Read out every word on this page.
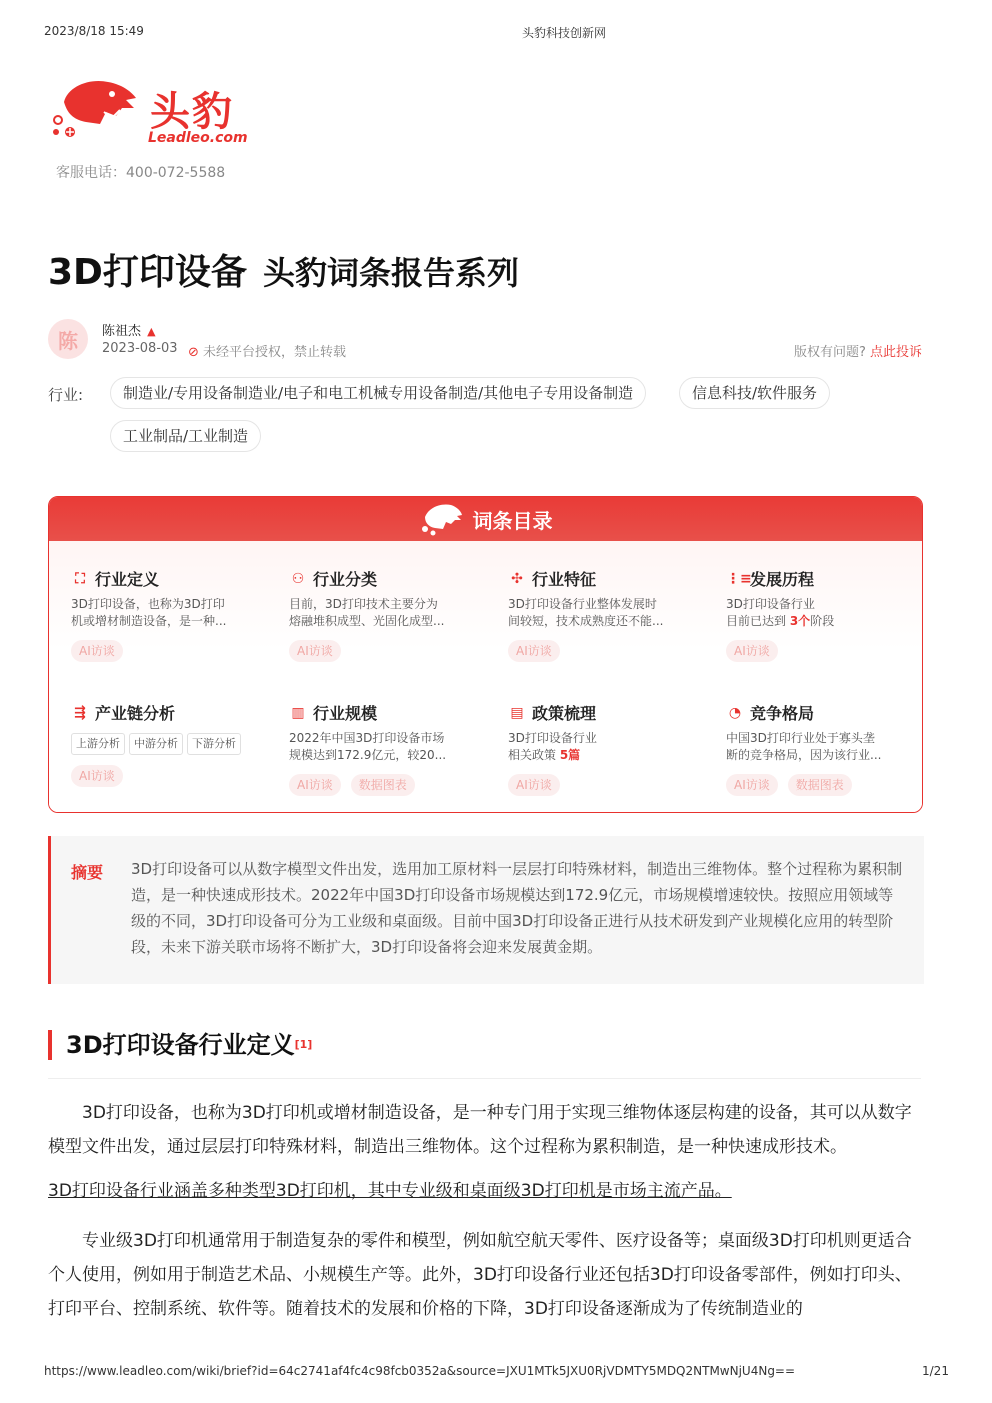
2023/8/18 15:49	头豹科技创新网
头豹
Leadleo.com
客服电话：400-072-5588
3D打印设备 头豹词条报告系列
陈	陈祖杰 ▲
2023-08-03 ⊘ 未经平台授权，禁止转载	版权有问题? 点此投诉
行业:	制造业/专用设备制造业/电子和电工机械专用设备制造/其他电子专用设备制造	信息科技/软件服务
工业制品/工业制造
词条目录
⛶ 行业定义
3D打印设备，也称为3D打印
机或增材制造设备，是一种...
AI访谈
⚇ 行业分类
目前，3D打印技术主要分为
熔融堆积成型、光固化成型...
AI访谈
✣ 行业特征
3D打印设备行业整体发展时
间较短，技术成熟度还不能...
AI访谈
⋮≡
发展历程
3D打印设备行业
目前已达到 3个阶段
AI访谈
⇶ 产业链分析
上游分析 中游分析 下游分析
AI访谈
▥ 行业规模
2022年中国3D打印设备市场
规模达到172.9亿元，较20...
AI访谈 数据图表
▤ 政策梳理
3D打印设备行业
相关政策 5篇
AI访谈
◔ 竞争格局
中国3D打印行业处于寡头垄
断的竞争格局，因为该行业...
AI访谈 数据图表
摘要 3D打印设备可以从数字模型文件出发，选用加工原材料一层层打印特殊材料，制造出三维物体。整个过程称为累积制造，是一种快速成形技术。2022年中国3D打印设备市场规模达到172.9亿元，市场规模增速较快。按照应用领域等级的不同，3D打印设备可分为工业级和桌面级。目前中国3D打印设备正进行从技术研发到产业规模化应用的转型阶段，未来下游关联市场将不断扩大，3D打印设备将会迎来发展黄金期。
3D打印设备行业定义[1]
3D打印设备，也称为3D打印机或增材制造设备，是一种专门用于实现三维物体逐层构建的设备，其可以从数字模型文件出发，通过层层打印特殊材料，制造出三维物体。这个过程称为累积制造，是一种快速成形技术。
3D打印设备行业涵盖多种类型3D打印机，其中专业级和桌面级3D打印机是市场主流产品。
专业级3D打印机通常用于制造复杂的零件和模型，例如航空航天零件、医疗设备等；桌面级3D打印机则更适合个人使用，例如用于制造艺术品、小规模生产等。此外，3D打印设备行业还包括3D打印设备零部件，例如打印头、打印平台、控制系统、软件等。随着技术的发展和价格的下降，3D打印设备逐渐成为了传统制造业的
https://www.leadleo.com/wiki/brief?id=64c2741af4fc4c98fcb0352a&source=JXU1MTk5JXU0RjVDMTY5MDQ2NTMwNjU4Ng==	1/21
